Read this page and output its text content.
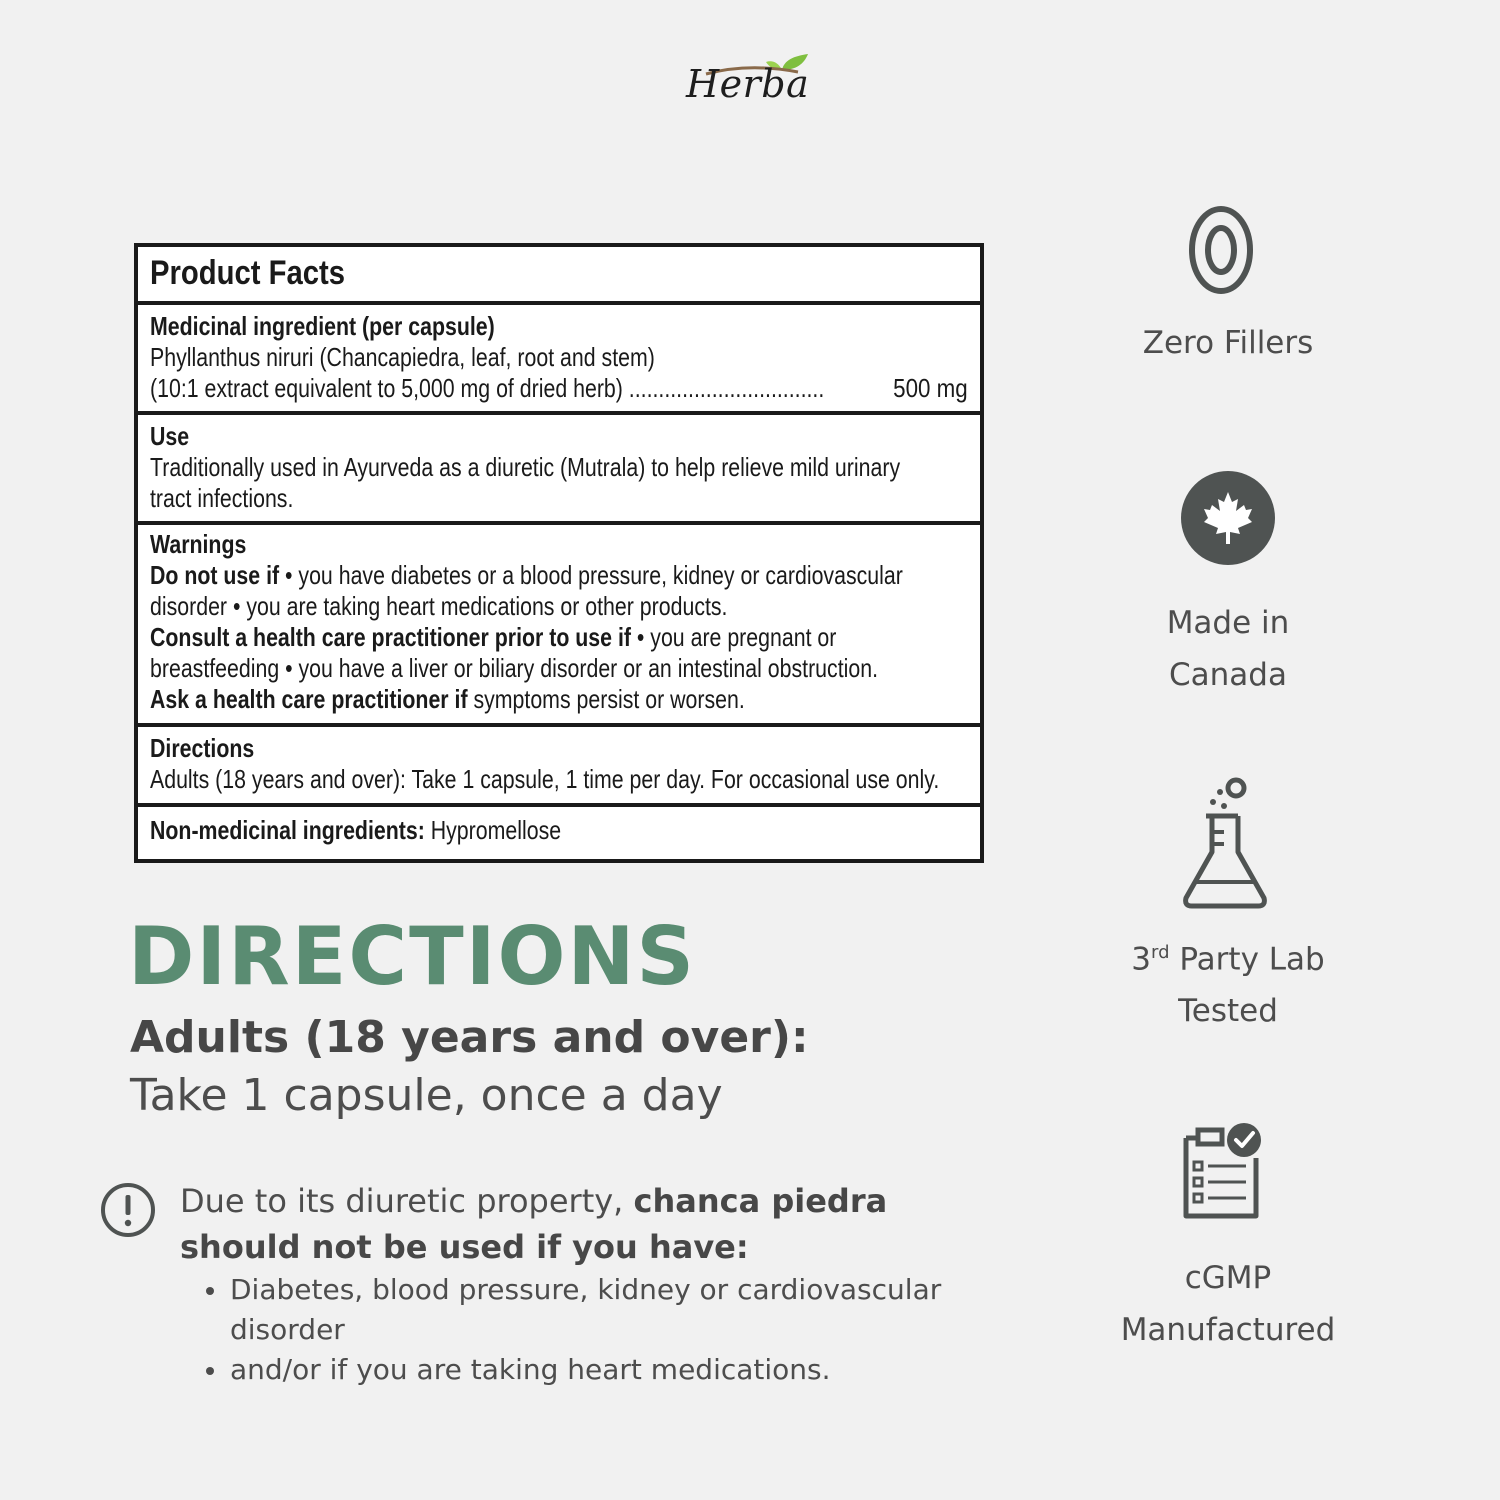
Herba
Product Facts
Medicinal ingredient (per capsule)
Phyllanthus niruri (Chancapiedra, leaf, root and stem)
(10:1 extract equivalent to 5,000 mg of dried herb) .................................	500 mg
Use
Traditionally used in Ayurveda as a diuretic (Mutrala) to help relieve mild urinary
tract infections.
Warnings
Do not use if • you have diabetes or a blood pressure, kidney or cardiovascular
disorder • you are taking heart medications or other products.
Consult a health care practitioner prior to use if • you are pregnant or
breastfeeding • you have a liver or biliary disorder or an intestinal obstruction.
Ask a health care practitioner if symptoms persist or worsen.
Directions
Adults (18 years and over): Take 1 capsule, 1 time per day. For occasional use only.
Non-medicinal ingredients: Hypromellose
DIRECTIONS
Adults (18 years and over):
Take 1 capsule, once a day
Due to its diuretic property, chanca piedra
should not be used if you have:
Diabetes, blood pressure, kidney or cardiovascular disorder
and/or if you are taking heart medications.
Zero Fillers
Made in
Canada
3rd Party Lab
Tested
cGMP
Manufactured
